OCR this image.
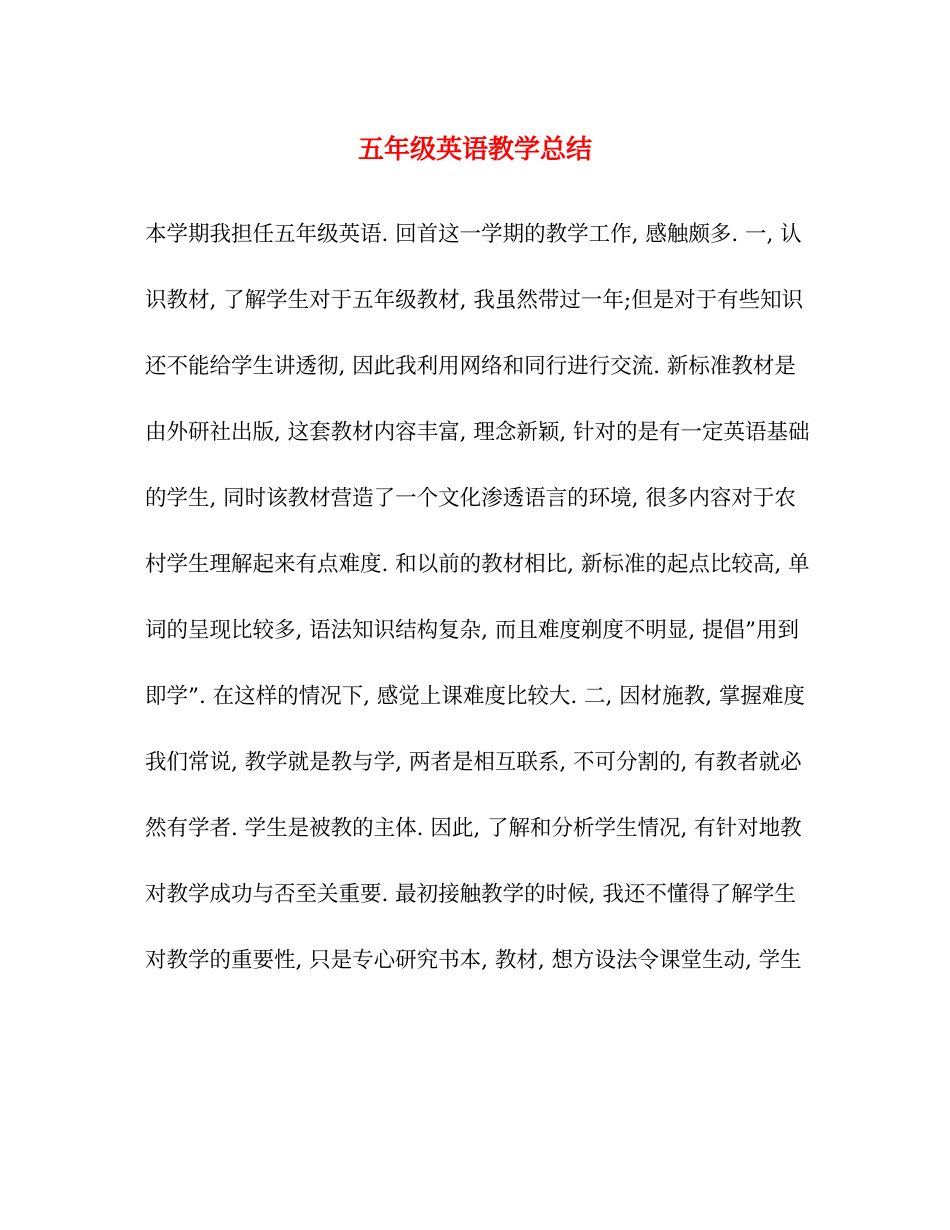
五年级英语教学总结
本学期我担任五年级英语. 回首这一学期的教学工作, 感触颇多. 一, 认
识教材, 了解学生对于五年级教材, 我虽然带过一年;但是对于有些知识
还不能给学生讲透彻, 因此我利用网络和同行进行交流. 新标准教材是
由外研社出版, 这套教材内容丰富, 理念新颖, 针对的是有一定英语基础
的学生, 同时该教材营造了一个文化渗透语言的环境, 很多内容对于农
村学生理解起来有点难度. 和以前的教材相比, 新标准的起点比较高, 单
词的呈现比较多, 语法知识结构复杂, 而且难度剃度不明显, 提倡”用到
即学”. 在这样的情况下, 感觉上课难度比较大. 二, 因材施教, 掌握难度
我们常说, 教学就是教与学, 两者是相互联系, 不可分割的, 有教者就必
然有学者. 学生是被教的主体. 因此, 了解和分析学生情况, 有针对地教
对教学成功与否至关重要. 最初接触教学的时候, 我还不懂得了解学生
对教学的重要性, 只是专心研究书本, 教材, 想方设法令课堂生动, 学生
